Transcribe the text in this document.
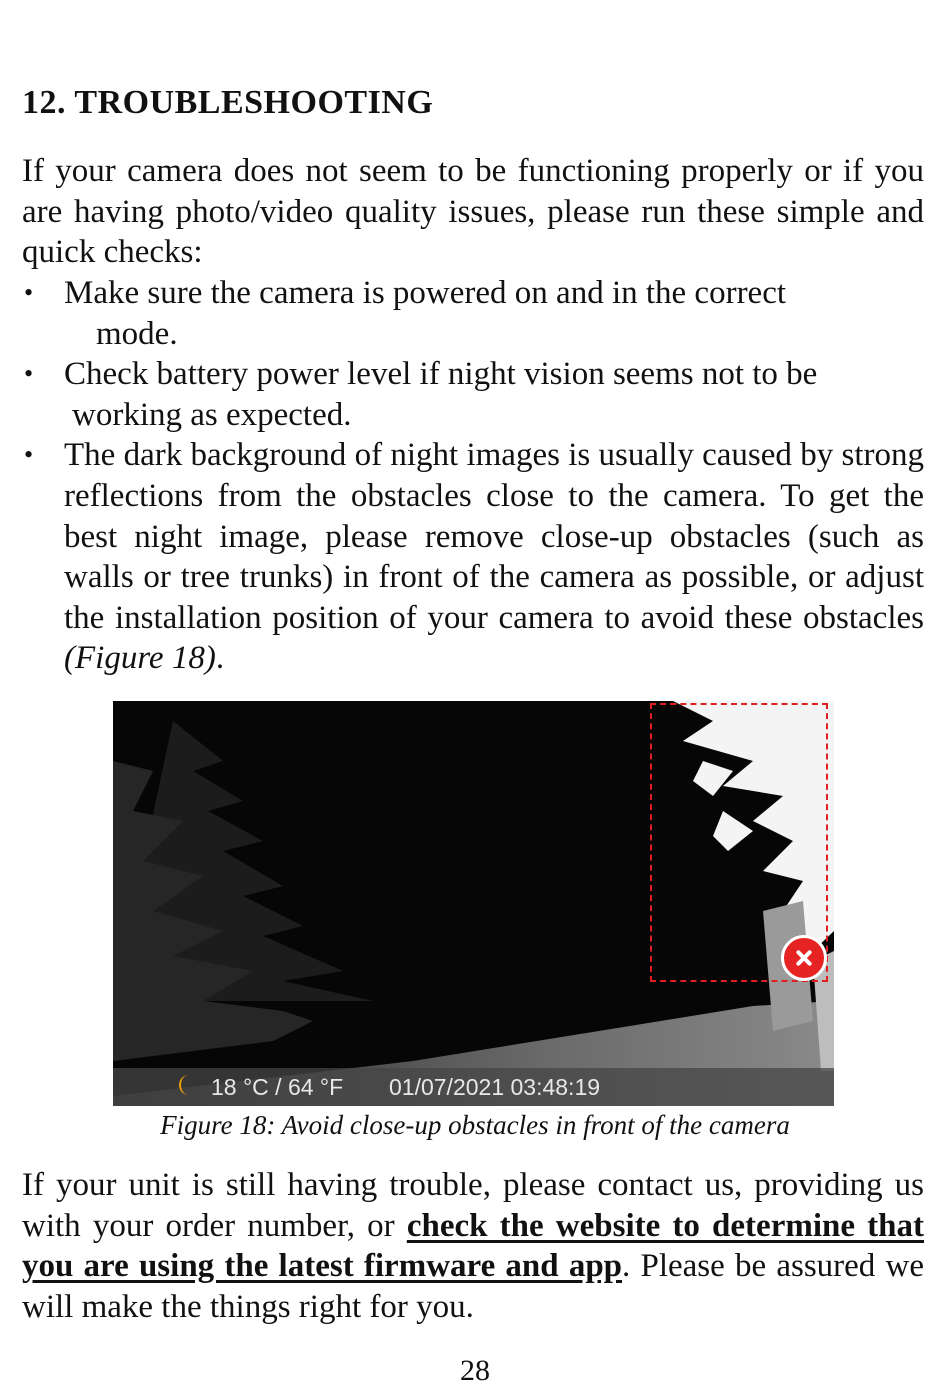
12. TROUBLESHOOTING

If your camera does not seem to be functioning properly or if you are having photo/video quality issues, please run these simple and quick checks:

• Make sure the camera is powered on and in the correct
mode.
• Check battery power level if night vision seems not to be
working as expected.
• The dark background of night images is usually caused by strong reflections from the obstacles close to the camera. To get the best night image, please remove close-up obstacles (such as walls or tree trunks) in front of the camera as possible, or adjust the installation position of your camera to avoid these obstacles (Figure 18).
18 °C / 64 °F 01/07/2021 03:48:19

Figure 18: Avoid close-up obstacles in front of the camera

If your unit is still having trouble, please contact us, providing us with your order number, or check the website to determine that you are using the latest firmware and app. Please be assured we will make the things right for you.

28
